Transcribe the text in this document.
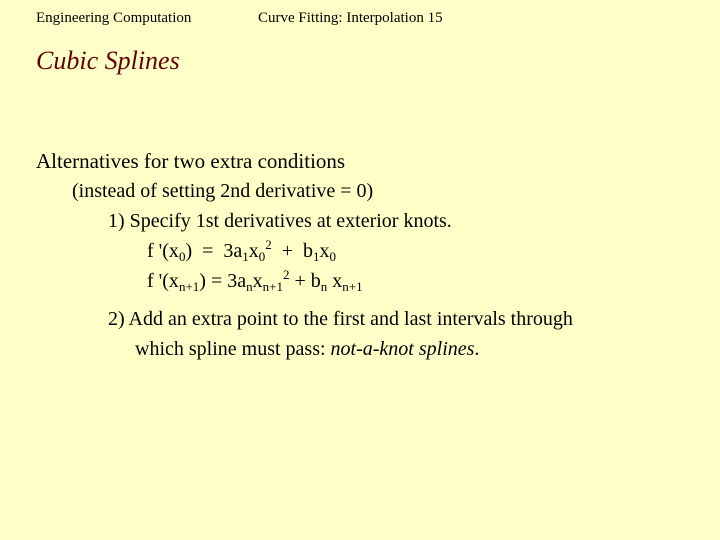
Engineering Computation	Curve Fitting: Interpolation 15
Cubic Splines
Alternatives for two extra conditions
(instead of setting 2nd derivative = 0)
1) Specify 1st derivatives at exterior knots.
f '$(x_0) = 3a_1x_0^2 + b_1x_0$
f '$(x_{n+1}) = 3a_nx_{n+1}^2 + b_n$ $x_{n+1}$
2) Add an extra point to the first and last intervals through
which spline must pass: not-a-knot splines.
